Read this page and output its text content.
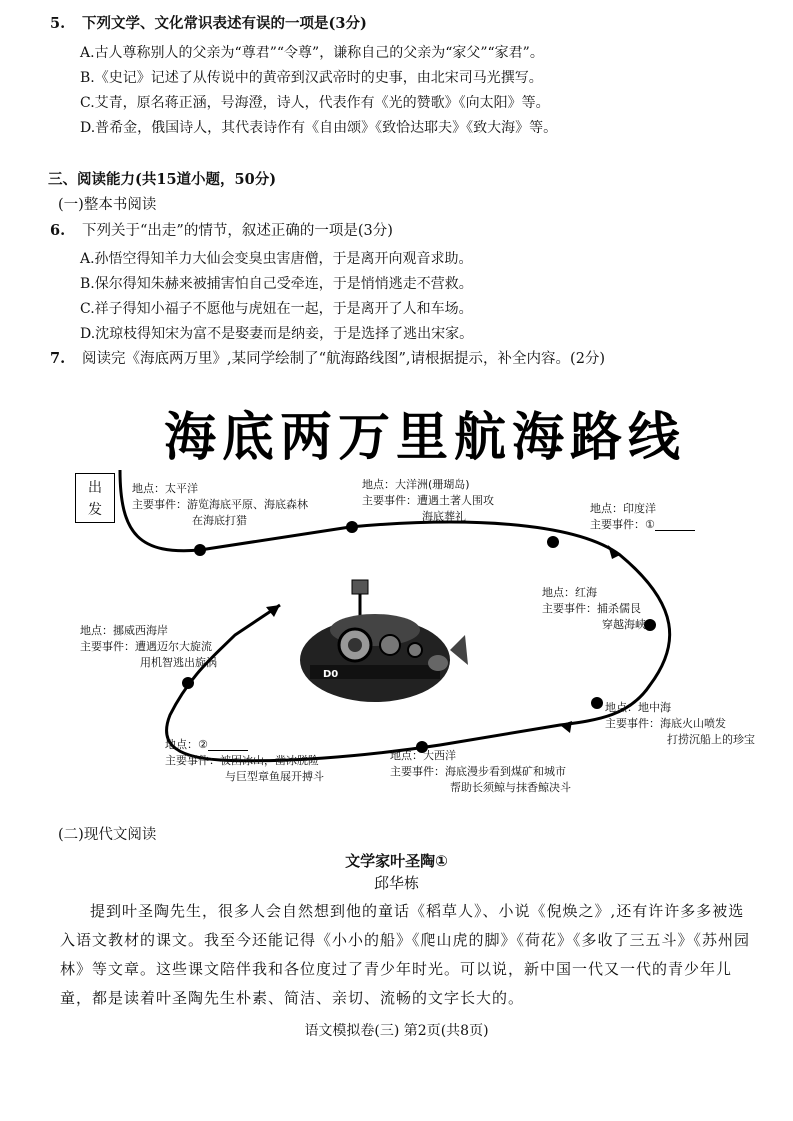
5. 下列文学、文化常识表述有误的一项是(3分)
A.古人尊称别人的父亲为“尊君”“令尊”，谦称自己的父亲为“家父”“家君”。
B.《史记》记述了从传说中的黄帝到汉武帝时的史事，由北宋司马光撰写。
C.艾青，原名蒋正涵，号海澄，诗人，代表作有《光的赞歌》《向太阳》等。
D.普希金，俄国诗人，其代表诗作有《自由颂》《致恰达耶夫》《致大海》等。
三、阅读能力(共15道小题，50分)
(一)整本书阅读
6. 下列关于“出走”的情节，叙述正确的一项是(3分)
A.孙悟空得知羊力大仙会变臭虫害唐僧，于是离开向观音求助。
B.保尔得知朱赫来被捕害怕自己受牵连，于是悄悄逃走不营救。
C.祥子得知小福子不愿他与虎妞在一起，于是离开了人和车场。
D.沈琼枝得知宋为富不是娶妻而是纳妾，于是选择了逃出宋家。
7. 阅读完《海底两万里》,某同学绘制了“航海路线图”,请根据提示，补全内容。(2分)
海底两万里航海路线
出
发
D0
地点：太平洋
主要事件：游览海底平原、海底森林
在海底打猎
地点：大洋洲(珊瑚岛)
主要事件：遭遇土著人围攻
海底葬礼
地点：印度洋
主要事件：①
地点：红海
主要事件：捕杀儒艮
穿越海峡
地点：地中海
主要事件：海底火山喷发
打捞沉船上的珍宝
地点：大西洋
主要事件：海底漫步看到煤矿和城市
帮助长须鲸与抹香鲸决斗
地点：②
主要事件：被困冰山，凿冰脱险
与巨型章鱼展开搏斗
地点：挪威西海岸
主要事件：遭遇迈尔大旋流
用机智逃出旋涡
(二)现代文阅读
文学家叶圣陶①
邱华栋
提到叶圣陶先生，很多人会自然想到他的童话《稻草人》、小说《倪焕之》,还有许许多多被选入语文教材的课文。我至今还能记得《小小的船》《爬山虎的脚》《荷花》《多收了三五斗》《苏州园林》等文章。这些课文陪伴我和各位度过了青少年时光。可以说，新中国一代又一代的青少年儿童，都是读着叶圣陶先生朴素、简洁、亲切、流畅的文字长大的。
语文模拟卷(三) 第2页(共8页)
